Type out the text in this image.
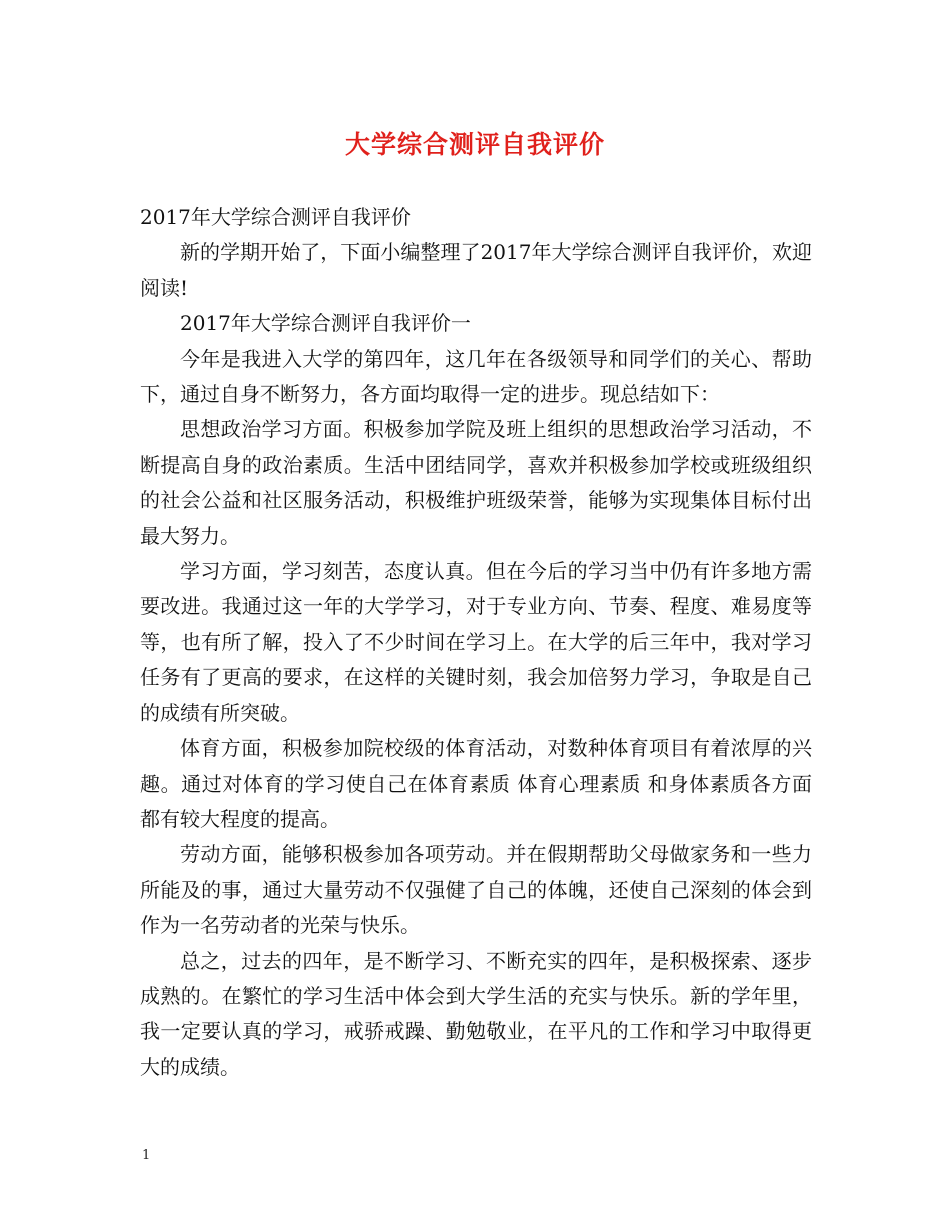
大学综合测评自我评价

2017年大学综合测评自我评价

新的学期开始了，下面小编整理了2017年大学综合测评自我评价，欢迎阅读!

2017年大学综合测评自我评价一

今年是我进入大学的第四年，这几年在各级领导和同学们的关心、帮助下，通过自身不断努力，各方面均取得一定的进步。现总结如下：

思想政治学习方面。积极参加学院及班上组织的思想政治学习活动，不断提高自身的政治素质。生活中团结同学，喜欢并积极参加学校或班级组织的社会公益和社区服务活动，积极维护班级荣誉，能够为实现集体目标付出最大努力。

学习方面，学习刻苦，态度认真。但在今后的学习当中仍有许多地方需要改进。我通过这一年的大学学习，对于专业方向、节奏、程度、难易度等等，也有所了解，投入了不少时间在学习上。在大学的后三年中，我对学习任务有了更高的要求，在这样的关键时刻，我会加倍努力学习，争取是自己的成绩有所突破。

体育方面，积极参加院校级的体育活动，对数种体育项目有着浓厚的兴趣。通过对体育的学习使自己在体育素质 体育心理素质 和身体素质各方面都有较大程度的提高。

劳动方面，能够积极参加各项劳动。并在假期帮助父母做家务和一些力所能及的事，通过大量劳动不仅强健了自己的体魄，还使自己深刻的体会到作为一名劳动者的光荣与快乐。

总之，过去的四年，是不断学习、不断充实的四年，是积极探索、逐步成熟的。在繁忙的学习生活中体会到大学生活的充实与快乐。新的学年里，我一定要认真的学习，戒骄戒躁、勤勉敬业，在平凡的工作和学习中取得更大的成绩。

1
